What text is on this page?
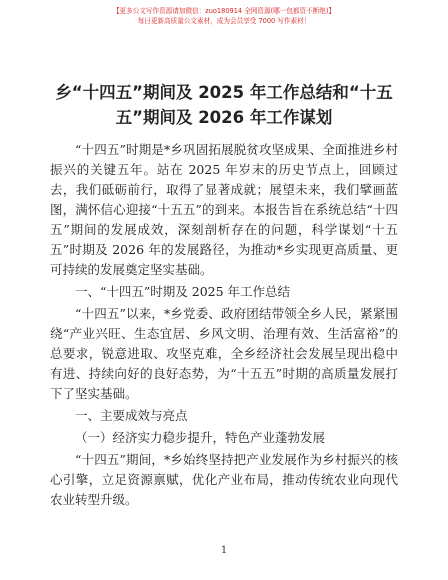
【更多公文写作资源请加微信：zuo180914 全网资源(哪一包都资不断绝)】
每日更新高质量公文素材，成为会员享受 7000 写作素材！
乡“十四五”期间及 2025 年工作总结和“十五五”期间及 2026 年工作谋划

“十四五”时期是*乡巩固拓展脱贫攻坚成果、全面推进乡村振兴的关键五年。站在 2025 年岁末的历史节点上，回顾过去，我们砥砺前行，取得了显著成就；展望未来，我们擘画蓝图，满怀信心迎接“十五五”的到来。本报告旨在系统总结“十四五”期间的发展成效，深刻剖析存在的问题，科学谋划“十五五”时期及 2026 年的发展路径，为推动*乡实现更高质量、更可持续的发展奠定坚实基础。

一、“十四五”时期及 2025 年工作总结

“十四五”以来，*乡党委、政府团结带领全乡人民，紧紧围绕“产业兴旺、生态宜居、乡风文明、治理有效、生活富裕”的总要求，锐意进取、攻坚克难，全乡经济社会发展呈现出稳中有进、持续向好的良好态势，为“十五五”时期的高质量发展打下了坚实基础。

一、主要成效与亮点

（一）经济实力稳步提升，特色产业蓬勃发展

“十四五”期间，*乡始终坚持把产业发展作为乡村振兴的核心引擎，立足资源禀赋，优化产业布局，推动传统农业向现代农业转型升级。

1
